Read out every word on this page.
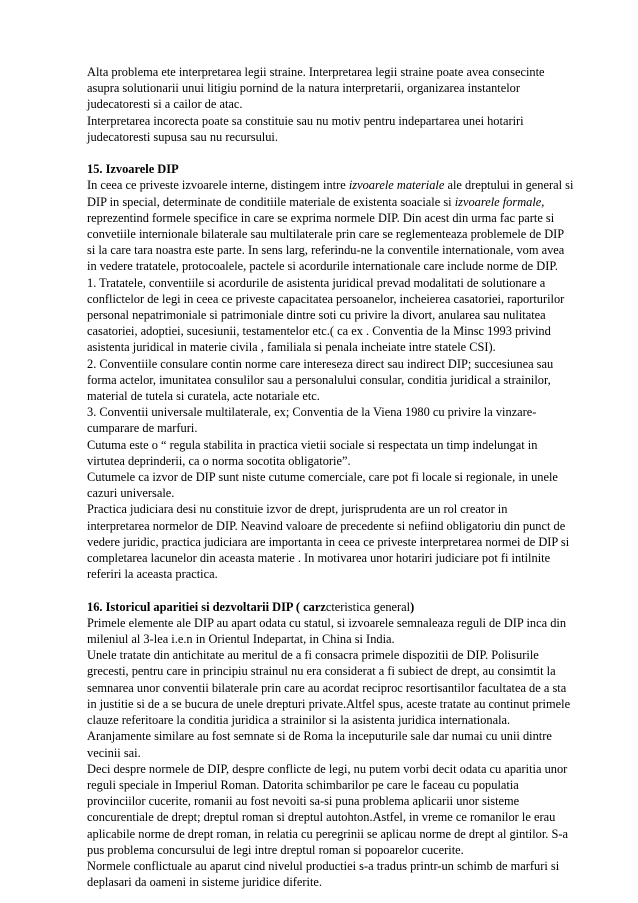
Alta problema ete interpretarea legii straine. Interpretarea legii straine poate avea consecinte

asupra solutionarii unui litigiu pornind de la natura interpretarii, organizarea instantelor

judecatoresti si a cailor de atac.

Interpretarea incorecta poate sa constituie sau nu motiv pentru indepartarea unei hotariri

judecatoresti supusa sau nu recursului.

15. Izvoarele DIP

In ceea ce priveste izvoarele interne, distingem intre izvoarele materiale ale dreptului in general si

DIP in special, determinate de conditiile materiale de existenta soaciale si izvoarele formale,

reprezentind formele specifice in care se exprima normele DIP. Din acest din urma fac parte si

convetiile internionale bilaterale sau multilaterale prin care se reglementeaza problemele de DIP

si la care tara noastra este parte. In sens larg, referindu-ne la conventile internationale, vom avea

in vedere tratatele, protocoalele, pactele si acordurile internationale care include norme de DIP.

1. Tratatele, conventiile si acordurile de asistenta juridical prevad modalitati de solutionare a

conflictelor de legi in ceea ce priveste capacitatea persoanelor, incheierea casatoriei, raporturilor

personal nepatrimoniale si patrimoniale dintre soti cu privire la divort, anularea sau nulitatea

casatoriei, adoptiei, sucesiunii, testamentelor etc.( ca ex . Conventia de la Minsc 1993 privind

asistenta juridical in materie civila , familiala si penala incheiate intre statele CSI).

2. Conventiile consulare contin norme care intereseza direct sau indirect DIP; succesiunea sau

forma actelor, imunitatea consulilor sau a personalului consular, conditia juridical a strainilor,

material de tutela si curatela, acte notariale etc.

3. Conventii universale multilaterale, ex; Conventia de la Viena 1980 cu privire la vinzare-

cumparare de marfuri.

Cutuma este o “ regula stabilita in practica vietii sociale si respectata un timp indelungat in

virtutea deprinderii, ca o norma socotita obligatorie”.

Cutumele ca izvor de DIP sunt niste cutume comerciale, care pot fi locale si regionale, in unele

cazuri universale.

Practica judiciara desi nu constituie izvor de drept, jurisprudenta are un rol creator in

interpretarea normelor de DIP. Neavind valoare de precedente si nefiind obligatoriu din punct de

vedere juridic, practica judiciara are importanta in ceea ce priveste interpretarea normei de DIP si

completarea lacunelor din aceasta materie . In motivarea unor hotariri judiciare pot fi intilnite

referiri la aceasta practica.

16. Istoricul aparitiei si dezvoltarii DIP ( carzcteristica general)

Primele elemente ale DIP au apart odata cu statul, si izvoarele semnaleaza reguli de DIP inca din

mileniul al 3-lea i.e.n in Orientul Indepartat, in China si India.

Unele tratate din antichitate au meritul de a fi consacra primele dispozitii de DIP. Polisurile

grecesti, pentru care in principiu strainul nu era considerat a fi subiect de drept, au consimtit la

semnarea unor conventii bilaterale prin care au acordat reciproc resortisantilor facultatea de a sta

in justitie si de a se bucura de unele drepturi private.Altfel spus, aceste tratate au continut primele

clauze referitoare la conditia juridica a strainilor si la asistenta juridica internationala.

Aranjamente similare au fost semnate si de Roma la inceputurile sale dar numai cu unii dintre

vecinii sai.

Deci despre normele de DIP, despre conflicte de legi, nu putem vorbi decit odata cu aparitia unor

reguli speciale in Imperiul Roman. Datorita schimbarilor pe care le faceau cu populatia

provinciilor cucerite, romanii au fost nevoiti sa-si puna problema aplicarii unor sisteme

concurentiale de drept; dreptul roman si dreptul autohton.Astfel, in vreme ce romanilor le erau

aplicabile norme de drept roman, in relatia cu peregrinii se aplicau norme de drept al gintilor. S-a

pus problema concursului de legi intre dreptul roman si popoarelor cucerite.

Normele conflictuale au aparut cind nivelul productiei s-a tradus printr-un schimb de marfuri si

deplasari da oameni in sisteme juridice diferite.
